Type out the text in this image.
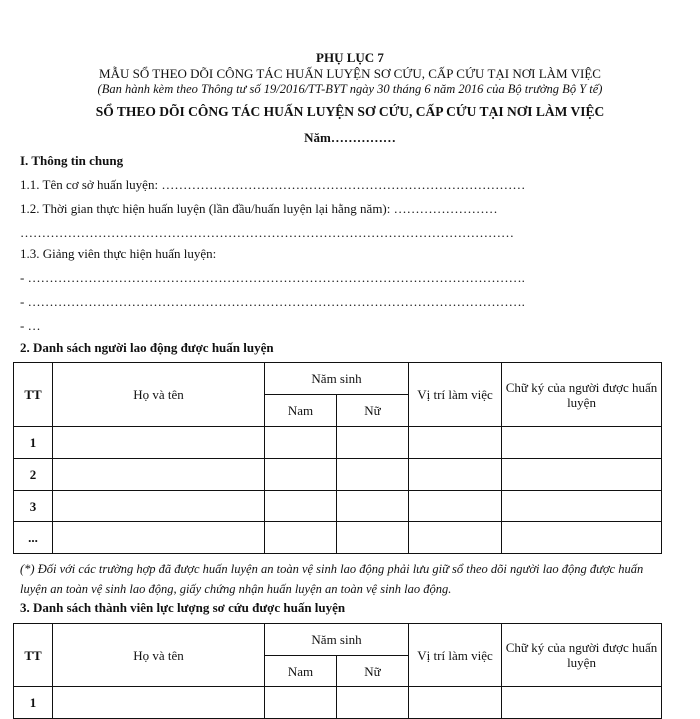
PHỤ LỤC 7
MẪU SỔ THEO DÕI CÔNG TÁC HUẤN LUYỆN SƠ CỨU, CẤP CỨU TẠI NƠI LÀM VIỆC
(Ban hành kèm theo Thông tư số 19/2016/TT-BYT ngày 30 tháng 6 năm 2016 của Bộ trưởng Bộ Y tế)
SỔ THEO DÕI CÔNG TÁC HUẤN LUYỆN SƠ CỨU, CẤP CỨU TẠI NƠI LÀM VIỆC
Năm……………
I. Thông tin chung
1.1. Tên cơ sở huấn luyện: …………………………………………………………………………
1.2. Thời gian thực hiện huấn luyện (lần đầu/huấn luyện lại hằng năm): ……………………
……………………………………………………………………………………………………
1.3. Giảng viên thực hiện huấn luyện:
- …………………………………………………………………………………………………….
- …………………………………………………………………………………………………….
- …
2. Danh sách người lao động được huấn luyện
TT	Họ và tên	Năm sinh		Vị trí làm việc	Chữ ký của người được huấn luyện
		Nam	Nữ		
1					
2					
3					
...					
(*) Đối với các trường hợp đã được huấn luyện an toàn vệ sinh lao động phải lưu giữ sổ theo dõi người lao động được huấn luyện an toàn vệ sinh lao động, giấy chứng nhận huấn luyện an toàn vệ sinh lao động.
3. Danh sách thành viên lực lượng sơ cứu được huấn luyện
TT	Họ và tên	Năm sinh		Vị trí làm việc	Chữ ký của người được huấn luyện
		Nam	Nữ		
1					
